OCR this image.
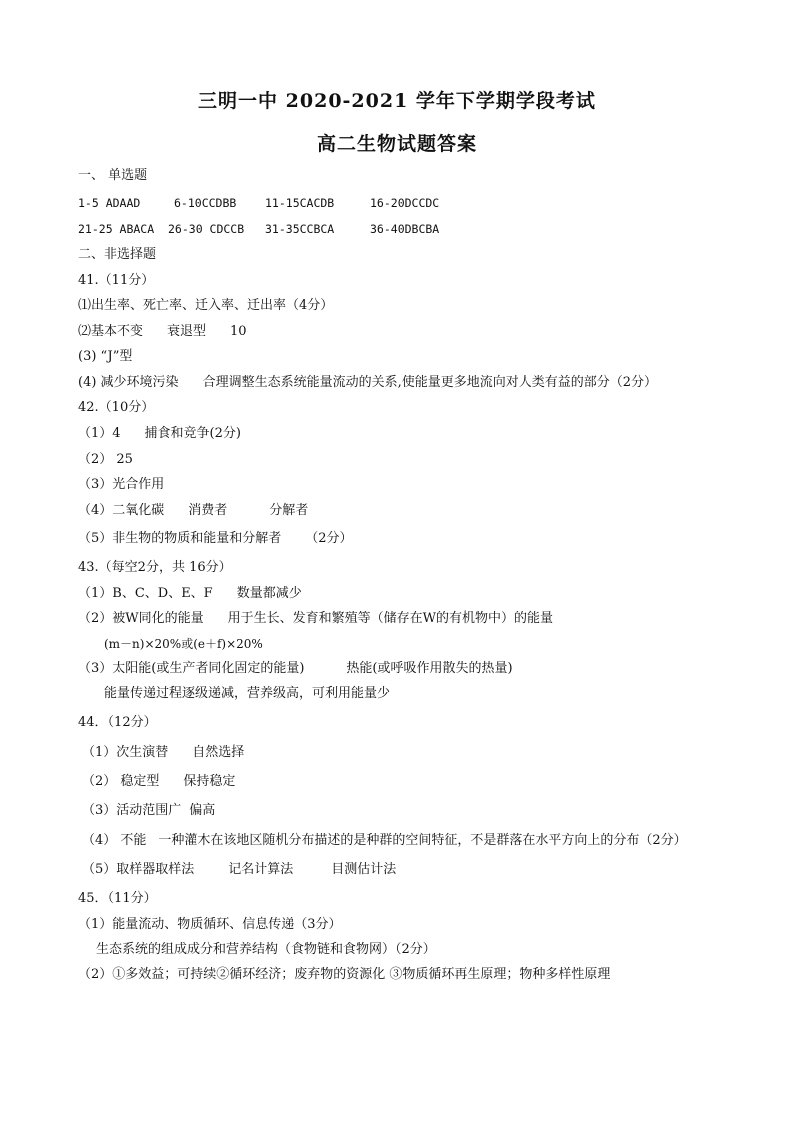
三明一中 2020-2021 学年下学期学段考试
高二生物试题答案
一、 单选题
1-5 ADAAD	6-10CCDBB 11-15CACDB	16-20DCCDC
21-25 ABACA 26-30 CDCCB 31-35CCBCA	36-40DBCBA
二、非选择题
41.（11分）
⑴出生率、死亡率、迁入率、迁出率（4分）
⑵基本不变 衰退型 10
(3) “J”型
(4) 减少环境污染 合理调整生态系统能量流动的关系,使能量更多地流向对人类有益的部分（2分）
42.（10分）
（1）4 捕食和竞争(2分)
（2） 25
（3）光合作用
（4）二氧化碳 消费者	分解者
（5）非生物的物质和能量和分解者 （2分）
43.（每空2分，共 16分）
（1）B、C、D、E、F 数量都减少
（2）被W同化的能量 用于生长、发育和繁殖等（储存在W的有机物中）的能量
(m－n)×20%或(e＋f)×20%
（3）太阳能(或生产者同化固定的能量)	热能(或呼吸作用散失的热量)
能量传递过程逐级递减，营养级高，可利用能量少
44．（12分）
（1）次生演替 自然选择
（2） 稳定型 保持稳定
（3）活动范围广 偏高
（4） 不能 一种灌木在该地区随机分布描述的是种群的空间特征，不是群落在水平方向上的分布（2分）
（5）取样器取样法	记名计算法	目测估计法
45．（11分）
（1）能量流动、物质循环、信息传递（3分）
生态系统的组成成分和营养结构（食物链和食物网）（2分）
（2）①多效益；可持续②循环经济；废弃物的资源化 ③物质循环再生原理；物种多样性原理
